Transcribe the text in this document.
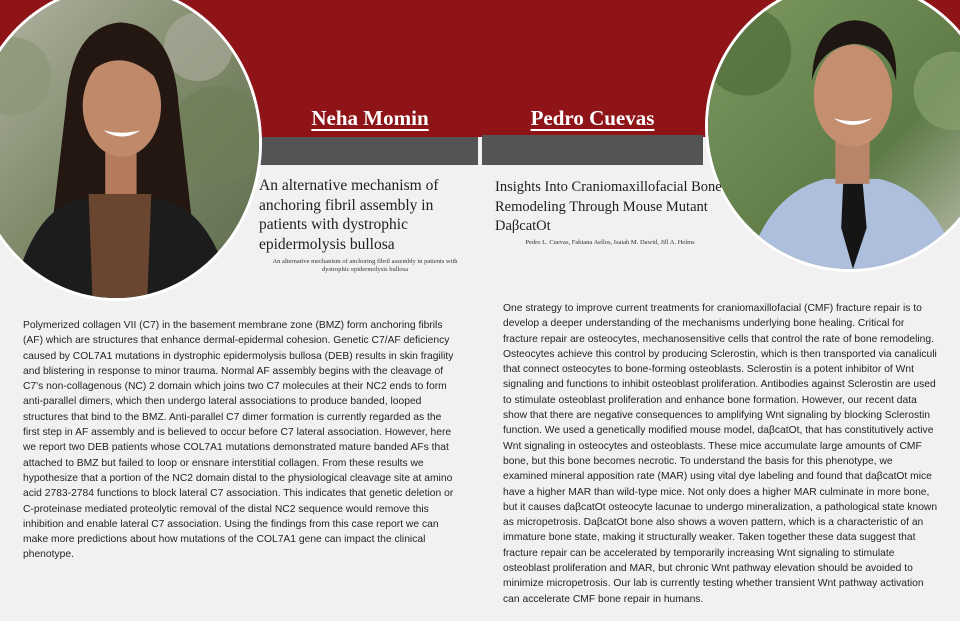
Neha Momin	Pedro Cuevas
An alternative mechanism of anchoring fibril assembly in patients with dystrophic epidermolysis bullosa
An alternative mechanism of anchoring fibril assembly in patients with dystrophic epidermolysis bullosa
Insights Into Craniomaxillofacial Bone Remodeling Through Mouse Mutant DaβcatOt
Pedro L. Cuevas, Fabiana Aellos, Isaiah M. Dawid, Jill A. Helms
Polymerized collagen VII (C7) in the basement membrane zone (BMZ) form anchoring fibrils (AF) which are structures that enhance dermal-epidermal cohesion. Genetic C7/AF deficiency caused by COL7A1 mutations in dystrophic epidermolysis bullosa (DEB) results in skin fragility and blistering in response to minor trauma. Normal AF assembly begins with the cleavage of C7's non-collagenous (NC) 2 domain which joins two C7 molecules at their NC2 ends to form anti-parallel dimers, which then undergo lateral associations to produce banded, looped structures that bind to the BMZ. Anti-parallel C7 dimer formation is currently regarded as the first step in AF assembly and is believed to occur before C7 lateral association. However, here we report two DEB patients whose COL7A1 mutations demonstrated mature banded AFs that attached to BMZ but failed to loop or ensnare interstitial collagen. From these results we hypothesize that a portion of the NC2 domain distal to the physiological cleavage site at amino acid 2783-2784 functions to block lateral C7 association. This indicates that genetic deletion or C-proteinase mediated proteolytic removal of the distal NC2 sequence would remove this inhibition and enable lateral C7 association. Using the findings from this case report we can make more predictions about how mutations of the COL7A1 gene can impact the clinical phenotype.
One strategy to improve current treatments for craniomaxillofacial (CMF) fracture repair is to develop a deeper understanding of the mechanisms underlying bone healing. Critical for fracture repair are osteocytes, mechanosensitive cells that control the rate of bone remodeling. Osteocytes achieve this control by producing Sclerostin, which is then transported via canaliculi that connect osteocytes to bone-forming osteoblasts. Sclerostin is a potent inhibitor of Wnt signaling and functions to inhibit osteoblast proliferation. Antibodies against Sclerostin are used to stimulate osteoblast proliferation and enhance bone formation. However, our recent data show that there are negative consequences to amplifying Wnt signaling by blocking Sclerostin function. We used a genetically modified mouse model, daβcatOt, that has constitutively active Wnt signaling in osteocytes and osteoblasts. These mice accumulate large amounts of CMF bone, but this bone becomes necrotic. To understand the basis for this phenotype, we examined mineral apposition rate (MAR) using vital dye labeling and found that daβcatOt mice have a higher MAR than wild-type mice. Not only does a higher MAR culminate in more bone, but it causes daβcatOt osteocyte lacunae to undergo mineralization, a pathological state known as micropetrosis. DaβcatOt bone also shows a woven pattern, which is a characteristic of an immature bone state, making it structurally weaker. Taken together these data suggest that fracture repair can be accelerated by temporarily increasing Wnt signaling to stimulate osteoblast proliferation and MAR, but chronic Wnt pathway elevation should be avoided to minimize micropetrosis. Our lab is currently testing whether transient Wnt pathway activation can accelerate CMF bone repair in humans.
